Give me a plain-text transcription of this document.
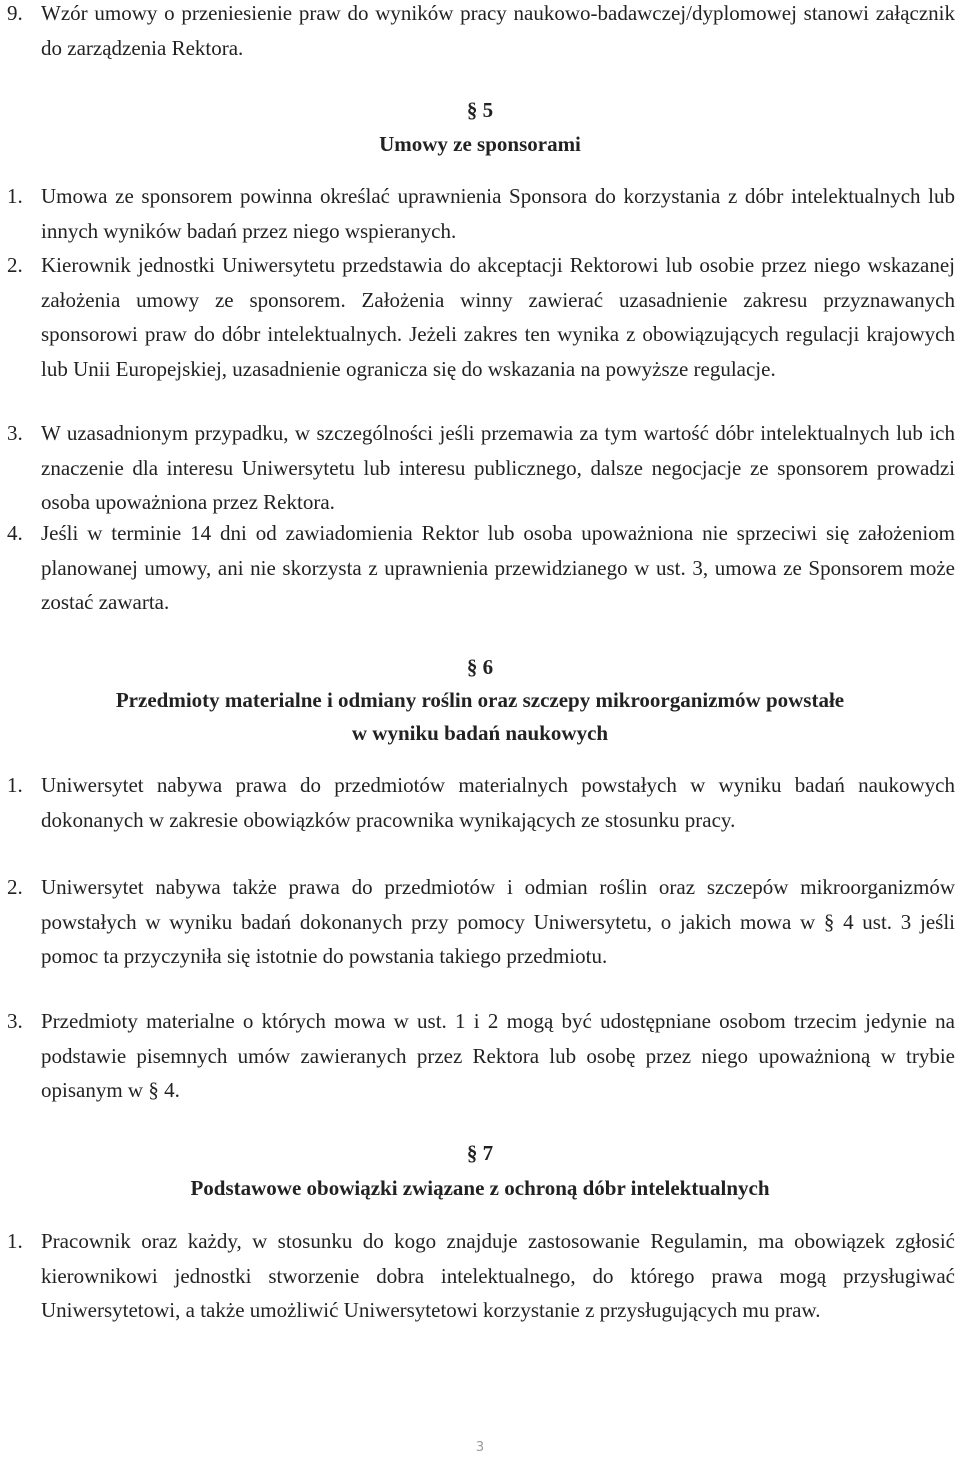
9. Wzór umowy o przeniesienie praw do wyników pracy naukowo-badawczej/dyplomowej stanowi załącznik do zarządzenia Rektora.
§ 5
Umowy ze sponsorami
1. Umowa ze sponsorem powinna określać uprawnienia Sponsora do korzystania z dóbr intelektualnych lub innych wyników badań przez niego wspieranych.
2. Kierownik jednostki Uniwersytetu przedstawia do akceptacji Rektorowi lub osobie przez niego wskazanej założenia umowy ze sponsorem. Założenia winny zawierać uzasadnienie zakresu przyznawanych sponsorowi praw do dóbr intelektualnych. Jeżeli zakres ten wynika z obowiązujących regulacji krajowych lub Unii Europejskiej, uzasadnienie ogranicza się do wskazania na powyższe regulacje.
3. W uzasadnionym przypadku, w szczególności jeśli przemawia za tym wartość dóbr intelektualnych lub ich znaczenie dla interesu Uniwersytetu lub interesu publicznego, dalsze negocjacje ze sponsorem prowadzi osoba upoważniona przez Rektora.
4. Jeśli w terminie 14 dni od zawiadomienia Rektor lub osoba upoważniona nie sprzeciwi się założeniom planowanej umowy, ani nie skorzysta z uprawnienia przewidzianego w ust. 3, umowa ze Sponsorem może zostać zawarta.
§ 6
Przedmioty materialne i odmiany roślin oraz szczepy mikroorganizmów powstałe
w wyniku badań naukowych
1. Uniwersytet nabywa prawa do przedmiotów materialnych powstałych w wyniku badań naukowych dokonanych w zakresie obowiązków pracownika wynikających ze stosunku pracy.
2. Uniwersytet nabywa także prawa do przedmiotów i odmian roślin oraz szczepów mikroorganizmów powstałych w wyniku badań dokonanych przy pomocy Uniwersytetu, o jakich mowa w § 4 ust. 3 jeśli pomoc ta przyczyniła się istotnie do powstania takiego przedmiotu.
3. Przedmioty materialne o których mowa w ust. 1 i 2 mogą być udostępniane osobom trzecim jedynie na podstawie pisemnych umów zawieranych przez Rektora lub osobę przez niego upoważnioną w trybie opisanym w § 4.
§ 7
Podstawowe obowiązki związane z ochroną dóbr intelektualnych
1. Pracownik oraz każdy, w stosunku do kogo znajduje zastosowanie Regulamin, ma obowiązek zgłosić kierownikowi jednostki stworzenie dobra intelektualnego, do którego prawa mogą przysługiwać Uniwersytetowi, a także umożliwić Uniwersytetowi korzystanie z przysługujących mu praw.
3
